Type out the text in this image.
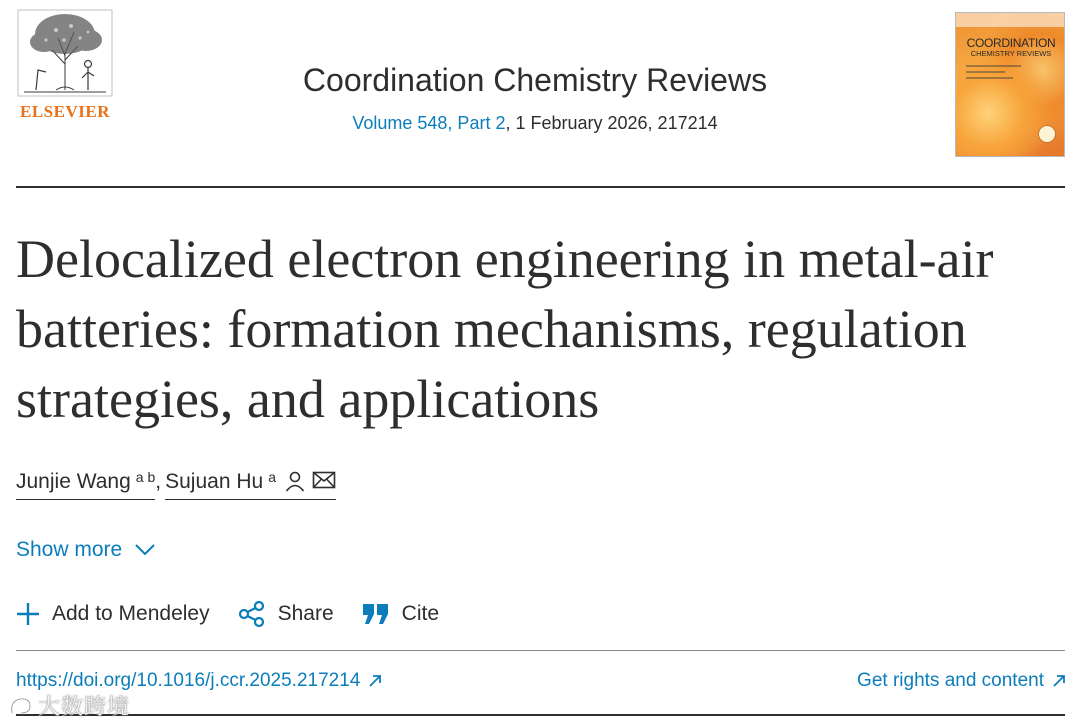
ELSEVIER
Coordination Chemistry Reviews
Volume 548, Part 2, 1 February 2026, 217214
COORDINATION
CHEMISTRY REVIEWS
Delocalized electron engineering in metal-air batteries: formation mechanisms, regulation strategies, and applications
Junjie Wang $^{a b}$ , Sujuan Hu $^a$
Show more
Add to Mendeley	Share	Cite
https://doi.org/10.1016/j.ccr.2025.217214	Get rights and content
大数跨境
